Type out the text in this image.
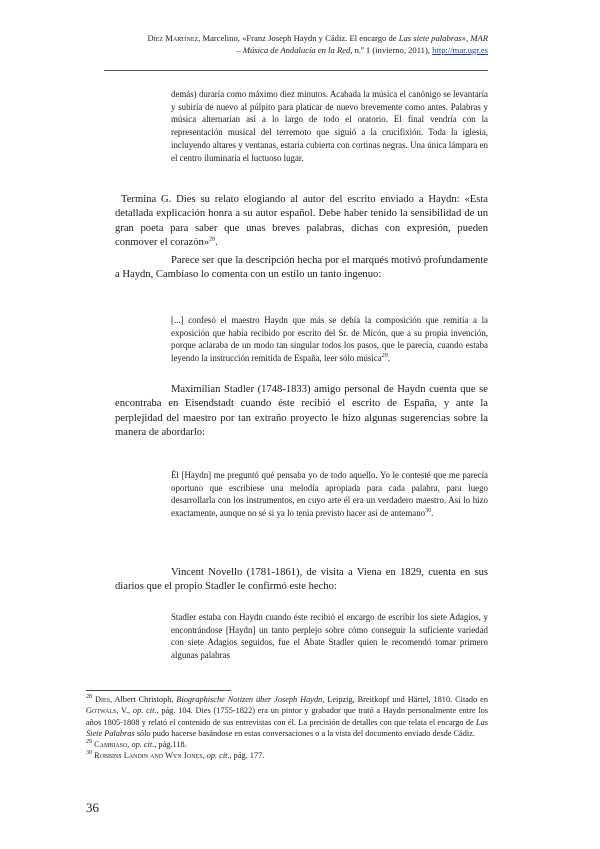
Díez Martínez, Marcelino, «Franz Joseph Haydn y Cádiz. El encargo de Las siete palabras», MAR
– Música de Andalucía en la Red, n.º 1 (invierno, 2011), http://mar.ugr.es

demás) duraría como máximo diez minutos. Acabada la música el canónigo se levantaría y subiría de nuevo al púlpito para platicar de nuevo brevemente como antes. Palabras y música alternarían así a lo largo de todo el oratorio. El final vendría con la representación musical del terremoto que siguió a la crucifixión. Toda la iglesia, incluyendo altares y ventanas, estaría cubierta con cortinas negras. Una única lámpara en el centro iluminaría el luctuoso lugar.

Termina G. Dies su relato elogiando al autor del escrito enviado a Haydn: «Esta detallada explicación honra a su autor español. Debe haber tenido la sensibilidad de un gran poeta para saber que unas breves palabras, dichas con expresión, pueden conmover el corazón»$^{28}$.

Parece ser que la descripción hecha por el marqués motivó profundamente a Haydn, Cambiaso lo comenta con un estilo un tanto ingenuo:

[...] confesó el maestro Haydn que más se debía la composición que remitía a la exposición que había recibido por escrito del Sr. de Micón, que a su propia invención, porque aclaraba de un modo tan singular todos los pasos, que le parecía, cuando estaba leyendo la instrucción remitida de España, leer sólo música$^{29}$.

Maximilian Stadler (1748-1833) amigo personal de Haydn cuenta que se encontraba en Eisendstadt cuando éste recibió el escrito de España, y ante la perplejidad del maestro por tan extraño proyecto le hizo algunas sugerencias sobre la manera de abordarlo:

Él [Haydn] me preguntó qué pensaba yo de todo aquello. Yo le contesté que me parecía oportuno que escribiese una melodía apropiada para cada palabra, para luego desarrollarla con los instrumentos, en cuyo arte él era un verdadero maestro. Así lo hizo exactamente, aunque no sé si ya lo tenía previsto hacer así de antemano$^{30}$.

Vincent Novello (1781-1861), de visita a Viena en 1829, cuenta en sus diarios que el propio Stadler le confirmó este hecho:

Stadler estaba con Haydn cuando éste recibió el encargo de escribir los siete Adagios, y encontrándose [Haydn] un tanto perplejo sobre cómo conseguir la suficiente variedad con siete Adagios seguidos, fue el Abate Stadler quien le recomendó tomar primero algunas palabras

$^{28}$ Dies, Albert Christoph, Biographische Notizen über Joseph Haydn, Leipzig, Breitkopf und Härtel, 1810. Citado en Gotwals, V., op. cit., pág. 104. Dies (1755-1822) era un pintor y grabador que trató a Haydn personalmente entre los años 1805-1808 y relató el contenido de sus entrevistas con él. La precisión de detalles con que relata el encargo de Las Siete Palabras sólo pudo hacerse basándose en estas conversaciones o a la vista del documento enviado desde Cádiz.

$^{29}$ Cambiaso, op. cit., pág.118.

$^{30}$ Robbins Landin and Wyn Jones, op. cit., pág. 177.

36
